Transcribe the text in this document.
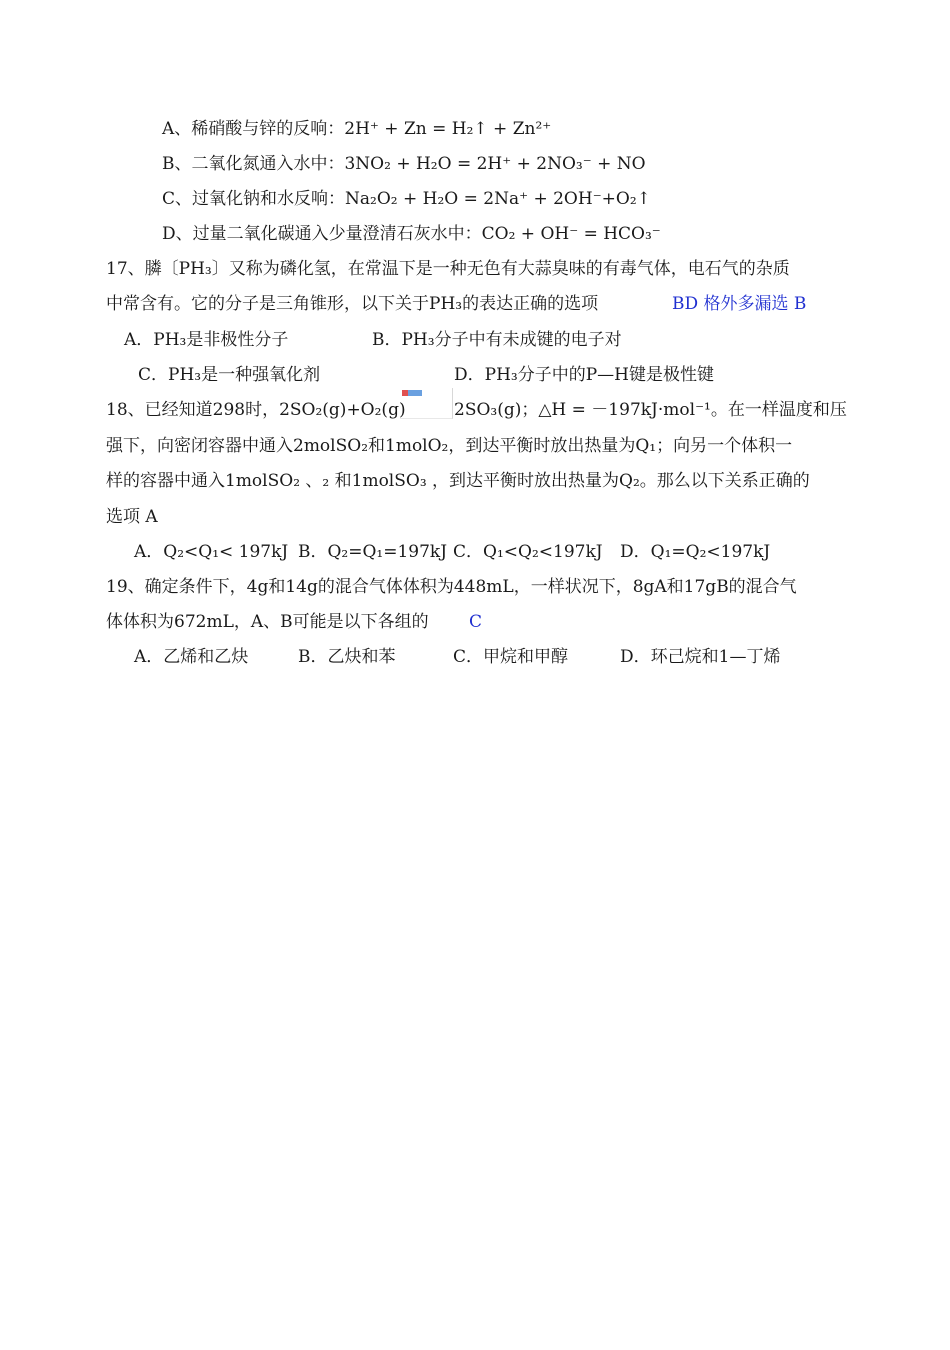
A、稀硝酸与锌的反响：2H⁺ + Zn = H₂↑ + Zn²⁺
B、二氧化氮通入水中：3NO₂ + H₂O = 2H⁺ + 2NO₃⁻ + NO
C、过氧化钠和水反响：Na₂O₂ + H₂O = 2Na⁺ + 2OH⁻+O₂↑
D、过量二氧化碳通入少量澄清石灰水中：CO₂ + OH⁻ = HCO₃⁻
17、膦〔PH₃〕又称为磷化氢，在常温下是一种无色有大蒜臭味的有毒气体，电石气的杂质
中常含有。它的分子是三角锥形，以下关于PH₃的表达正确的选项	BD 格外多漏选 B
A．PH₃是非极性分子	B．PH₃分子中有未成键的电子对
C．PH₃是一种强氧化剂	D．PH₃分子中的P—H键是极性键
18、已经知道298时，2SO₂(g)+O₂(g)	2SO₃(g)；△H = －197kJ·mol⁻¹。在一样温度和压
强下，向密闭容器中通入2molSO₂和1molO₂，到达平衡时放出热量为Q₁；向另一个体积一
样的容器中通入1molSO₂ 、₂ 和1molSO₃ ，到达平衡时放出热量为Q₂。那么以下关系正确的
选项 A
A．Q₂<Q₁< 197kJ B．Q₂=Q₁=197kJ C．Q₁<Q₂<197kJ D．Q₁=Q₂<197kJ
19、确定条件下，4g和14g的混合气体体积为448mL，一样状况下，8gA和17gB的混合气
体体积为672mL，A、B可能是以下各组的 C
A．乙烯和乙炔	B．乙炔和苯	C．甲烷和甲醇	D．环己烷和1—丁烯
